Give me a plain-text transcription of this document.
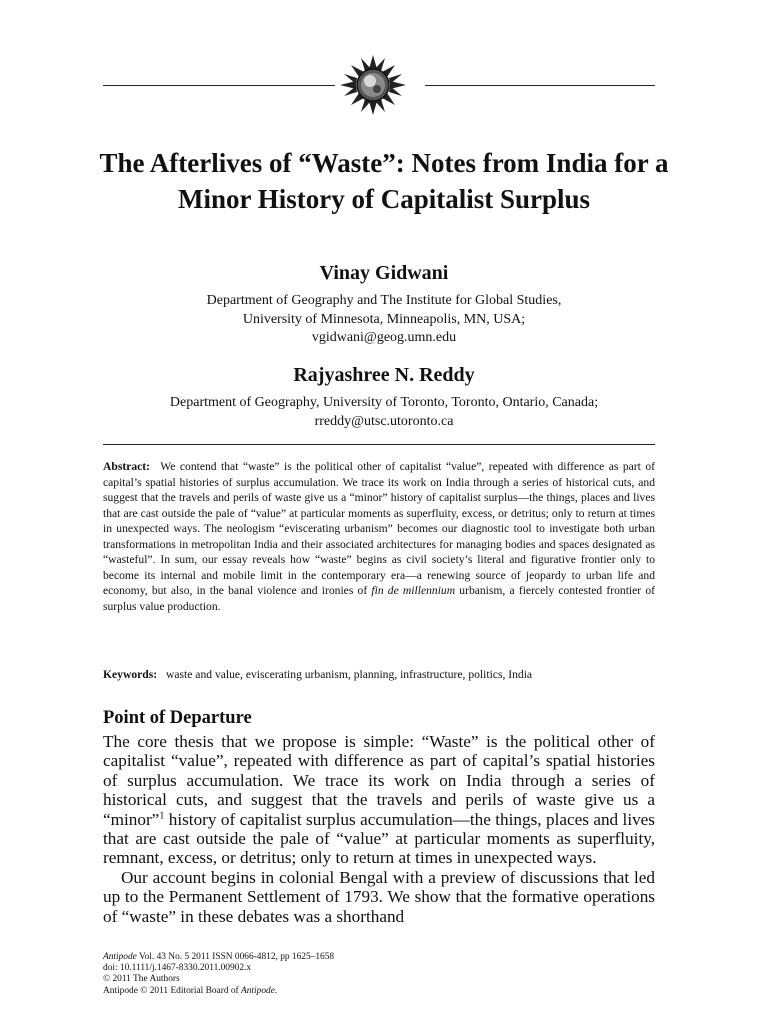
The Afterlives of “Waste”: Notes from India for a Minor History of Capitalist Surplus
Vinay Gidwani
Department of Geography and The Institute for Global Studies,
University of Minnesota, Minneapolis, MN, USA;
vgidwani@geog.umn.edu
Rajyashree N. Reddy
Department of Geography, University of Toronto, Toronto, Ontario, Canada;
rreddy@utsc.utoronto.ca

Abstract: We contend that “waste” is the political other of capitalist “value”, repeated with difference as part of capital’s spatial histories of surplus accumulation. We trace its work on India through a series of historical cuts, and suggest that the travels and perils of waste give us a “minor” history of capitalist surplus—the things, places and lives that are cast outside the pale of “value” at particular moments as superfluity, excess, or detritus; only to return at times in unexpected ways. The neologism “eviscerating urbanism” becomes our diagnostic tool to investigate both urban transformations in metropolitan India and their associated architectures for managing bodies and spaces designated as “wasteful”. In sum, our essay reveals how “waste” begins as civil society’s literal and figurative frontier only to become its internal and mobile limit in the contemporary era—a renewing source of jeopardy to urban life and economy, but also, in the banal violence and ironies of fin de millennium urbanism, a fiercely contested frontier of surplus value production.

Keywords: waste and value, eviscerating urbanism, planning, infrastructure, politics, India

Point of Departure

The core thesis that we propose is simple: “Waste” is the political other of capitalist “value”, repeated with difference as part of capital’s spatial histories of surplus accumulation. We trace its work on India through a series of historical cuts, and suggest that the travels and perils of waste give us a “minor”$^1$ history of capitalist surplus accumulation—the things, places and lives that are cast outside the pale of “value” at particular moments as superfluity, remnant, excess, or detritus; only to return at times in unexpected ways.

Our account begins in colonial Bengal with a preview of discussions that led up to the Permanent Settlement of 1793. We show that the formative operations of “waste” in these debates was a shorthand

Antipode Vol. 43 No. 5 2011 ISSN 0066-4812, pp 1625–1658
doi: 10.1111/j.1467-8330.2011.00902.x
© 2011 The Authors
Antipode © 2011 Editorial Board of Antipode.
